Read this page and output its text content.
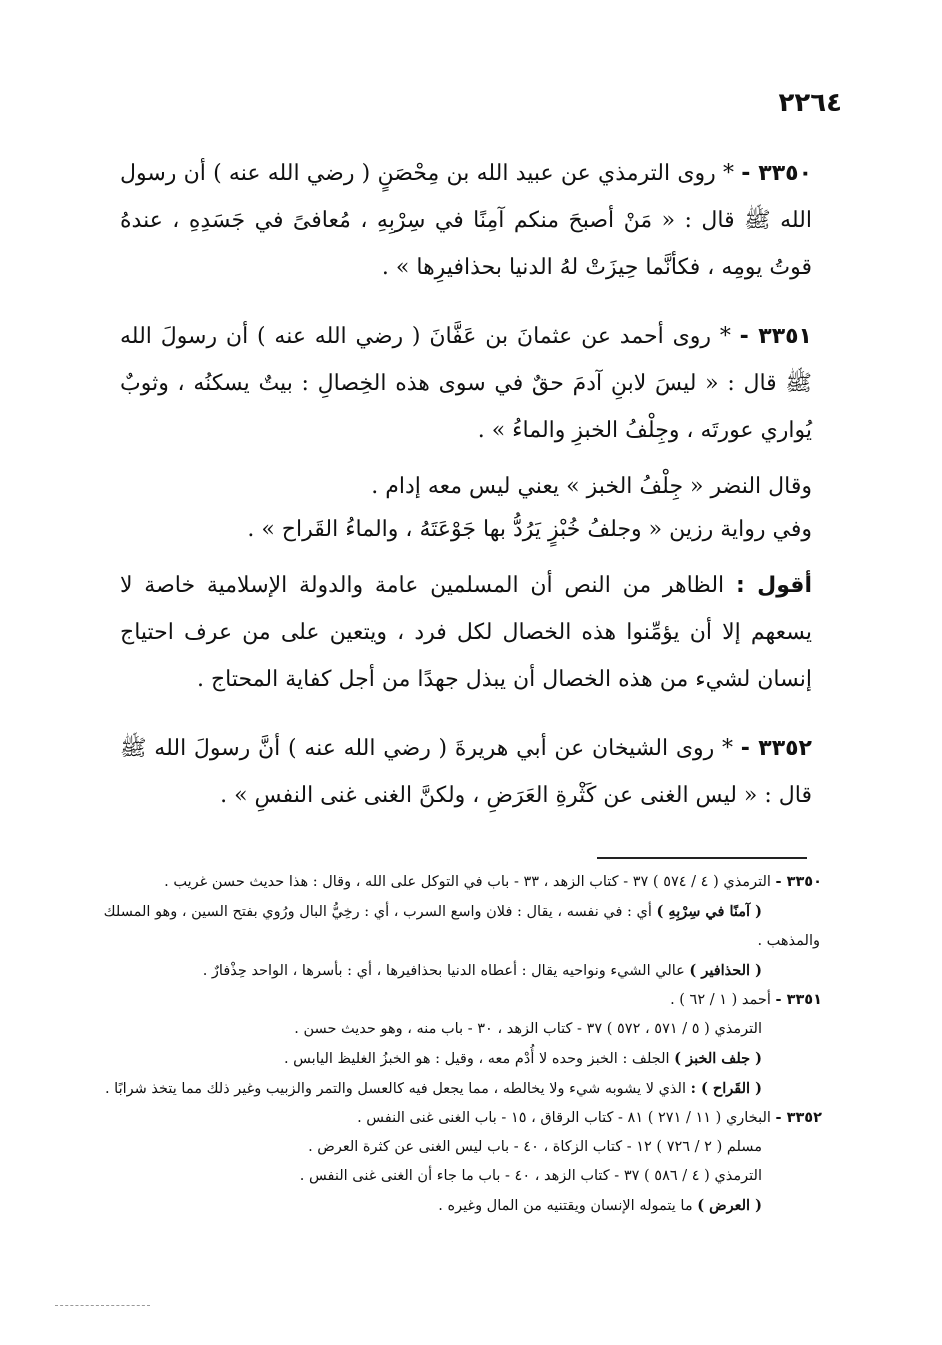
٢٢٦٤

٣٣٥٠ - * روى الترمذي عن عبيد الله بن مِحْصَنٍ ( رضي الله عنه ) أن رسول الله ﷺ قال : « مَنْ أصبحَ منكم آمِنًا في سِرْبِهِ ، مُعافىً في جَسَدِهِ ، عندهُ قوتُ يومِه ، فكأنَّما حِيزَتْ لهُ الدنيا بحذافيرِها » .

٣٣٥١ - * روى أحمد عن عثمانَ بن عَفَّانَ ( رضي الله عنه ) أن رسولَ الله ﷺ قال : « ليسَ لابنِ آدمَ حقٌ في سوى هذه الخِصالِ : بيتٌ يسكنُه ، وثوبٌ يُواري عورتَه ، وجِلْفُ الخبزِ والماءُ » .

وقال النضر « جِلْفُ الخبز » يعني ليس معه إدام .

وفي رواية رزين « وجلفُ خُبْزٍ يَرُدُّ بها جَوْعَتَهُ ، والماءُ القَراح » .

أقول : الظاهر من النص أن المسلمين عامة والدولة الإسلامية خاصة لا يسعهم إلا أن يؤمِّنوا هذه الخصال لكل فرد ، ويتعين على من عرف احتياج إنسان لشيء من هذه الخصال أن يبذل جهدًا من أجل كفاية المحتاج .

٣٣٥٢ - * روى الشيخان عن أبي هريرةَ ( رضي الله عنه ) أنَّ رسولَ الله ﷺ قال : « ليس الغنى عن كَثْرةِ العَرَضِ ، ولكنَّ الغنى غنى النفسِ » .

٣٣٥٠ - الترمذي ( ٤ / ٥٧٤ ) ٣٧ - كتاب الزهد ، ٣٣ - باب في التوكل على الله ، وقال : هذا حديث حسن غريب .
( آمنًا في سِرْبِهِ ) أي : في نفسه ، يقال : فلان واسع السرب ، أي : رخِيُّ البال ورُوي بفتح السين ، وهو المسلك
والمذهب .
( الحذافير ) عالي الشيء ونواحيه يقال : أعطاه الدنيا بحذافيرها ، أي : بأسرها ، الواحد حِذْفارٌ .
٣٣٥١ - أحمد ( ١ / ٦٢ ) .
الترمذي ( ٥ / ٥٧١ ، ٥٧٢ ) ٣٧ - كتاب الزهد ، ٣٠ - باب منه ، وهو حديث حسن .
( جلف الخبز ) الجلف : الخبز وحده لا أُدْم معه ، وقيل : هو الخبزُ الغليظ اليابس .
( القَراح ) : الذي لا يشوبه شيء ولا يخالطه ، مما يجعل فيه كالعسل والتمر والزبيب وغير ذلك مما يتخذ شرابًا .
٣٣٥٢ - البخاري ( ١١ / ٢٧١ ) ٨١ - كتاب الرقاق ، ١٥ - باب الغنى غنى النفس .
مسلم ( ٢ / ٧٢٦ ) ١٢ - كتاب الزكاة ، ٤٠ - باب ليس الغنى عن كثرة العرض .
الترمذي ( ٤ / ٥٨٦ ) ٣٧ - كتاب الزهد ، ٤٠ - باب ما جاء أن الغنى غنى النفس .
( العرض ) ما يتموله الإنسان ويقتنيه من المال وغيره .
